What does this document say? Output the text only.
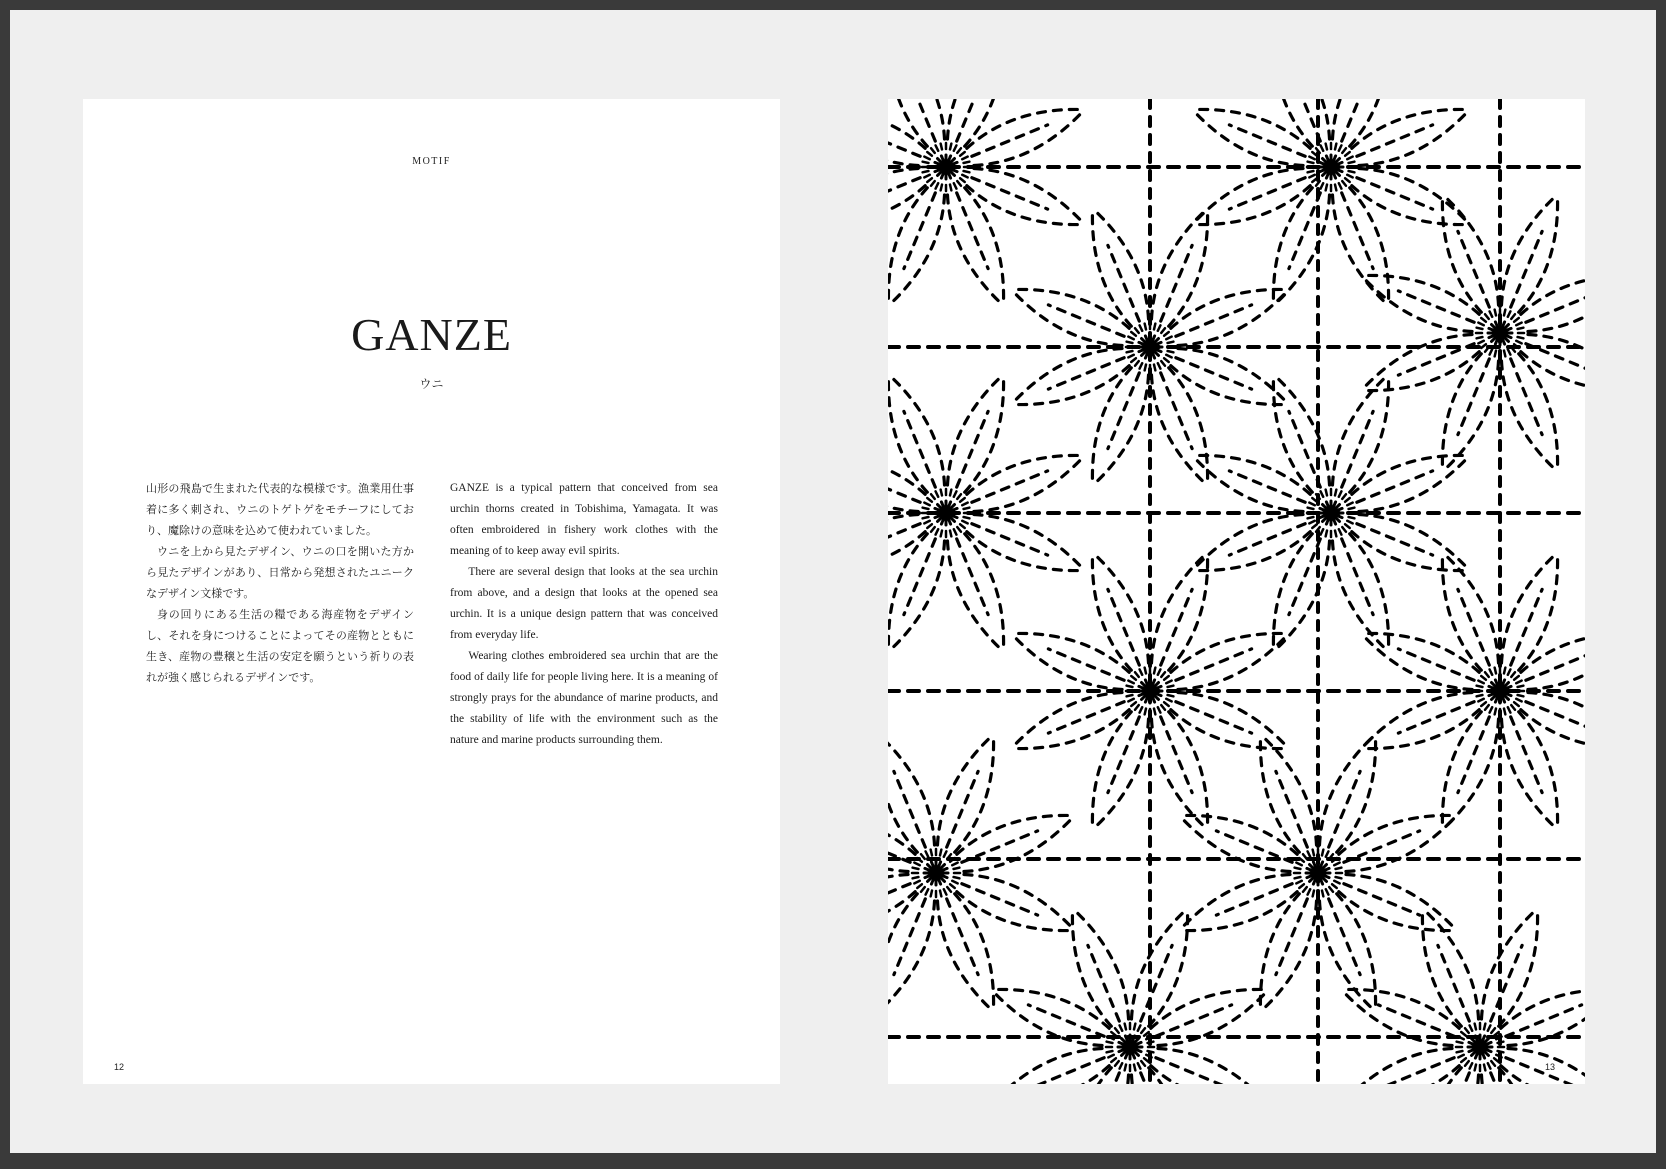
MOTIF
GANZE
ウニ

山形の飛島で生まれた代表的な模様です。漁業用仕事着に多く刺され、ウニのトゲトゲをモチーフにしており、魔除けの意味を込めて使われていました。

ウニを上から見たデザイン、ウニの口を開いた方から見たデザインがあり、日常から発想されたユニークなデザイン文様です。

身の回りにある生活の糧である海産物をデザインし、それを身につけることによってその産物とともに生き、産物の豊穣と生活の安定を願うという祈りの表れが強く感じられるデザインです。

GANZE is a typical pattern that conceived from sea urchin thorns created in Tobishima, Yamagata. It was often embroidered in fishery work clothes with the meaning of to keep away evil spirits.

There are several design that looks at the sea urchin from above, and a design that looks at the opened sea urchin. It is a unique design pattern that was conceived from everyday life.

Wearing clothes embroidered sea urchin that are the food of daily life for people living here. It is a meaning of strongly prays for the abundance of marine products, and the stability of life with the environment such as the nature and marine products surrounding them.

12	13
